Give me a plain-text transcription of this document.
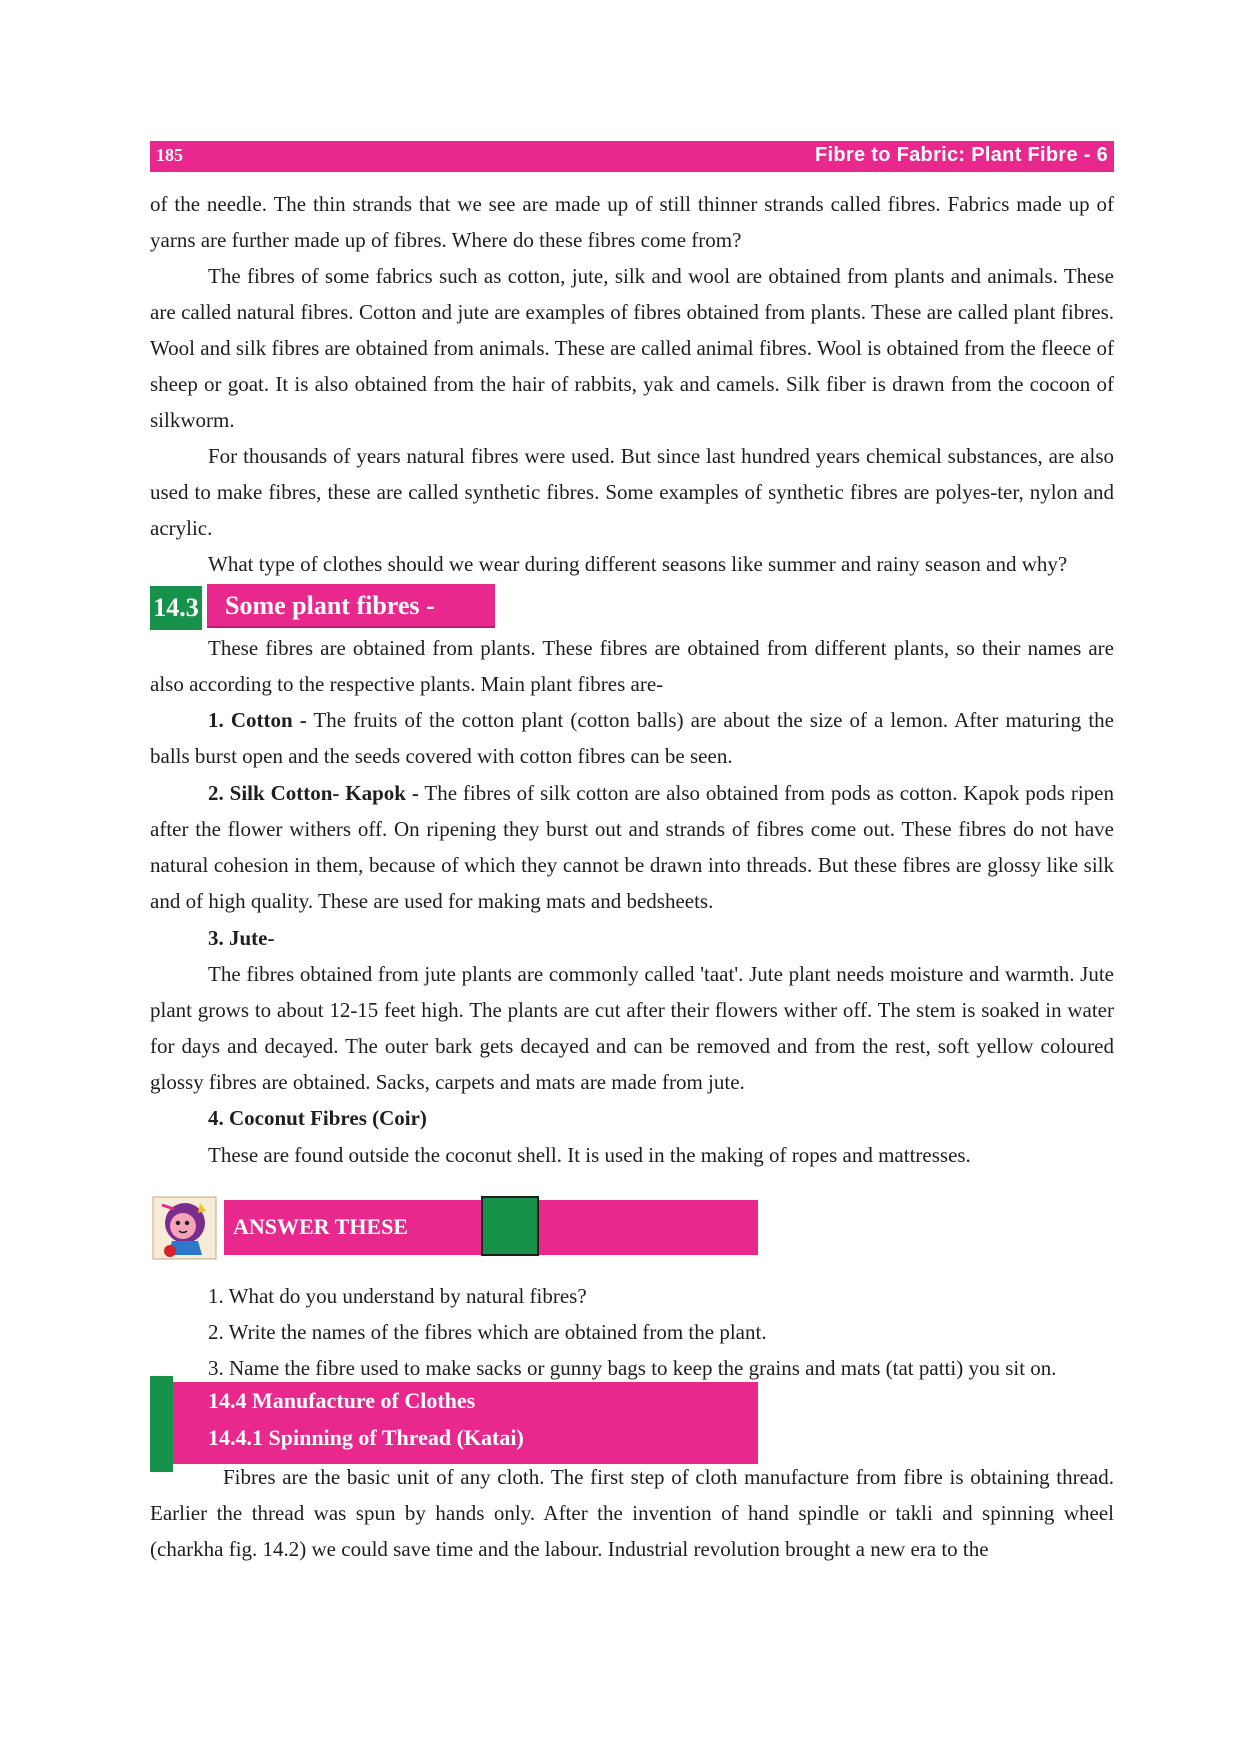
185	Fibre to Fabric: Plant Fibre - 6

of the needle. The thin strands that we see are made up of still thinner strands called fibres. Fabrics made up of yarns are further made up of fibres. Where do these fibres come from?

The fibres of some fabrics such as cotton, jute, silk and wool are obtained from plants and animals. These are called natural fibres. Cotton and jute are examples of fibres obtained from plants. These are called plant fibres. Wool and silk fibres are obtained from animals. These are called animal fibres. Wool is obtained from the fleece of sheep or goat. It is also obtained from the hair of rabbits, yak and camels. Silk fiber is drawn from the cocoon of silkworm.

For thousands of years natural fibres were used. But since last hundred years chemical substances, are also used to make fibres, these are called synthetic fibres. Some examples of synthetic fibres are polyes-ter, nylon and acrylic.

What type of clothes should we wear during different seasons like summer and rainy season and why?

14.3	Some plant fibres -

These fibres are obtained from plants. These fibres are obtained from different plants, so their names are also according to the respective plants. Main plant fibres are-

1. Cotton - The fruits of the cotton plant (cotton balls) are about the size of a lemon. After maturing the balls burst open and the seeds covered with cotton fibres can be seen.

2. Silk Cotton- Kapok - The fibres of silk cotton are also obtained from pods as cotton. Kapok pods ripen after the flower withers off. On ripening they burst out and strands of fibres come out. These fibres do not have natural cohesion in them, because of which they cannot be drawn into threads. But these fibres are glossy like silk and of high quality. These are used for making mats and bedsheets.

3. Jute-

The fibres obtained from jute plants are commonly called 'taat'. Jute plant needs moisture and warmth. Jute plant grows to about 12-15 feet high. The plants are cut after their flowers wither off. The stem is soaked in water for days and decayed. The outer bark gets decayed and can be removed and from the rest, soft yellow coloured glossy fibres are obtained. Sacks, carpets and mats are made from jute.

4. Coconut Fibres (Coir)

These are found outside the coconut shell. It is used in the making of ropes and mattresses.

ANSWER THESE

1. What do you understand by natural fibres?

2. Write the names of the fibres which are obtained from the plant.

3. Name the fibre used to make sacks or gunny bags to keep the grains and mats (tat patti) you sit on.

14.4 Manufacture of Clothes
14.4.1 Spinning of Thread (Katai)

Fibres are the basic unit of any cloth. The first step of cloth manufacture from fibre is obtaining thread. Earlier the thread was spun by hands only. After the invention of hand spindle or takli and spinning wheel (charkha fig. 14.2) we could save time and the labour. Industrial revolution brought a new era to the
